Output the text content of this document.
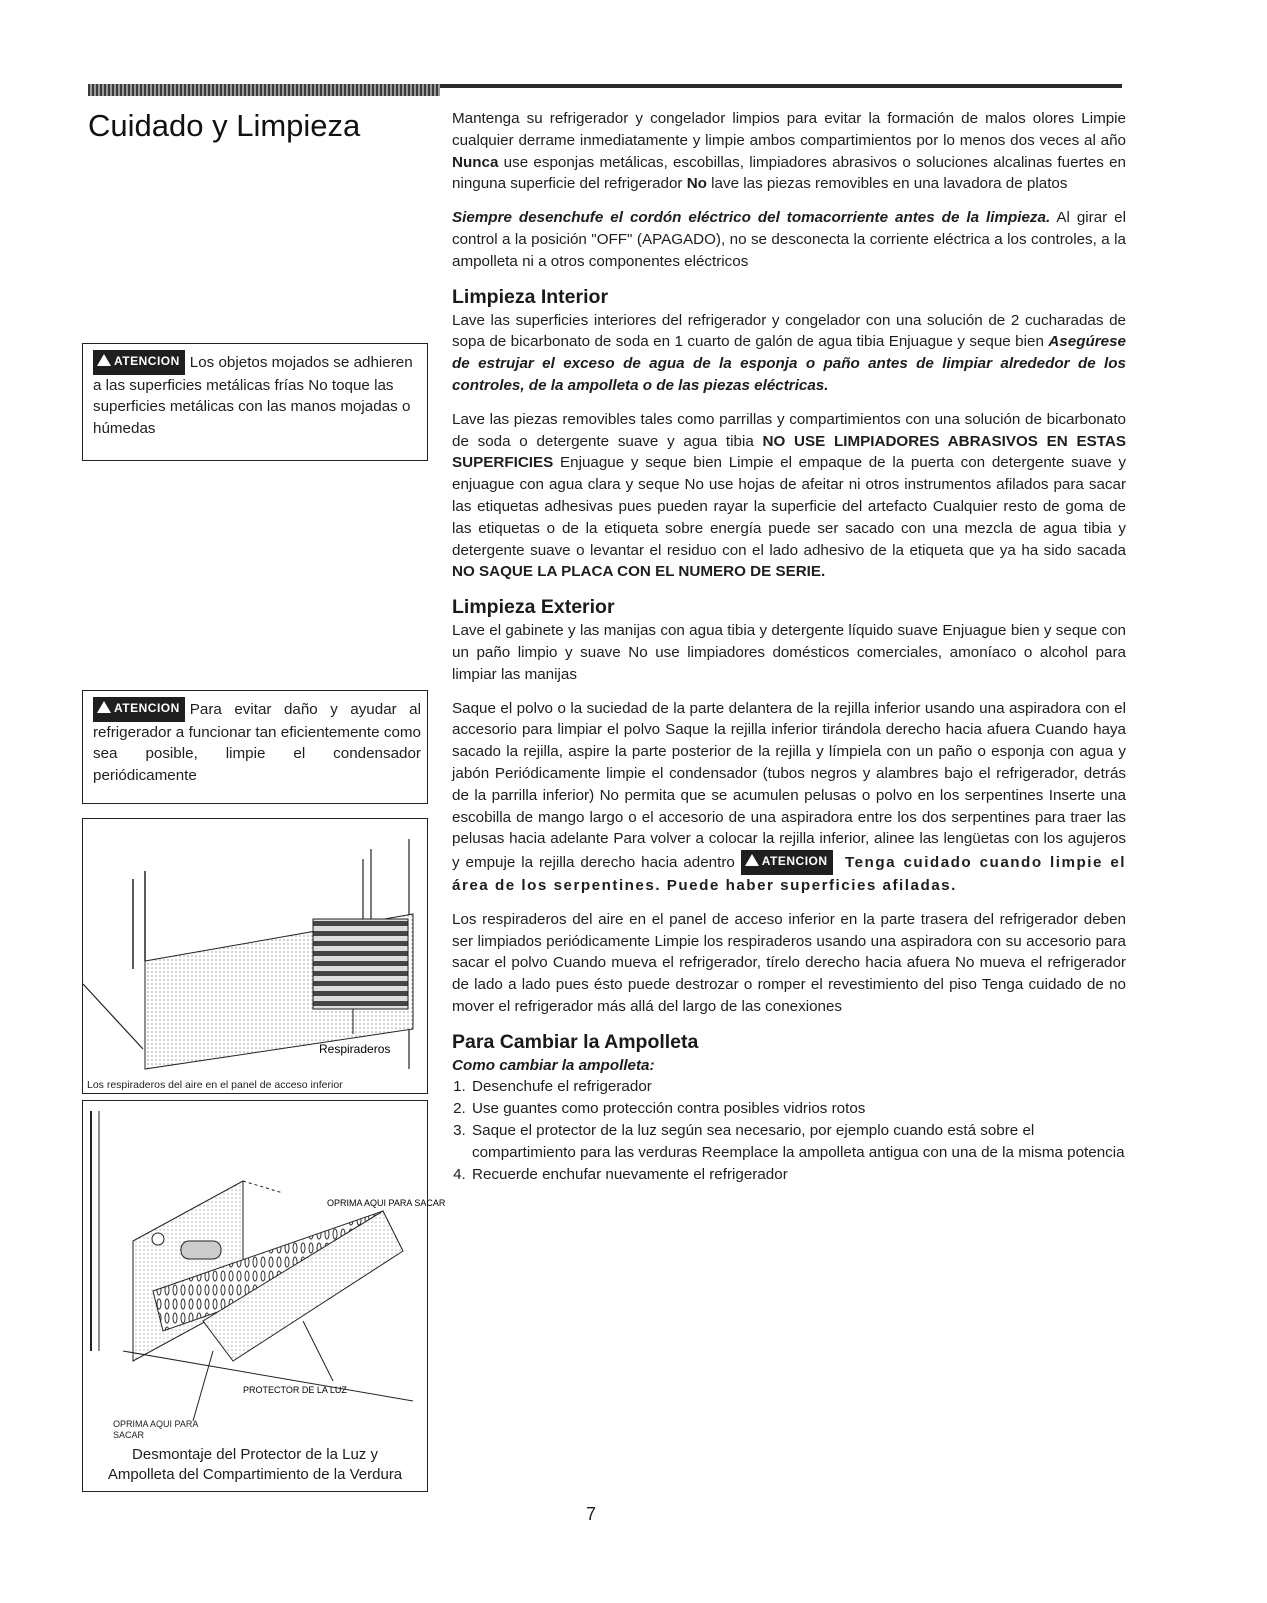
Cuidado y Limpieza
ATENCION Los objetos mojados se adhieren a las superficies metálicas frías No toque las superficies metálicas con las manos mojadas o húmedas
ATENCION Para evitar daño y ayudar al refrigerador a funcionar tan eficientemente como sea posible, limpie el condensador periódicamente
Respiraderos
Los respiraderos del aire en el panel de acceso inferior
OPRIMA AQUI PARA SACAR
PROTECTOR DE LA LUZ
OPRIMA AQUI PARA SACAR
Desmontaje del Protector de la Luz y
Ampolleta del Compartimiento de la Verdura

Mantenga su refrigerador y congelador limpios para evitar la formación de malos olores Limpie cualquier derrame inmediatamente y limpie ambos compartimientos por lo menos dos veces al año Nunca use esponjas metálicas, escobillas, limpiadores abrasivos o soluciones alcalinas fuertes en ninguna superficie del refrigerador No lave las piezas removibles en una lavadora de platos

Siempre desenchufe el cordón eléctrico del tomacorriente antes de la limpieza. Al girar el control a la posición "OFF" (APAGADO), no se desconecta la corriente eléctrica a los controles, a la ampolleta ni a otros componentes eléctricos

Limpieza Interior

Lave las superficies interiores del refrigerador y congelador con una solución de 2 cucharadas de sopa de bicarbonato de soda en 1 cuarto de galón de agua tibia Enjuague y seque bien Asegúrese de estrujar el exceso de agua de la esponja o paño antes de limpiar alrededor de los controles, de la ampolleta o de las piezas eléctricas.

Lave las piezas removibles tales como parrillas y compartimientos con una solución de bicarbonato de soda o detergente suave y agua tibia NO USE LIMPIADORES ABRASIVOS EN ESTAS SUPERFICIES Enjuague y seque bien Limpie el empaque de la puerta con detergente suave y enjuague con agua clara y seque No use hojas de afeitar ni otros instrumentos afilados para sacar las etiquetas adhesivas pues pueden rayar la superficie del artefacto Cualquier resto de goma de las etiquetas o de la etiqueta sobre energía puede ser sacado con una mezcla de agua tibia y detergente suave o levantar el residuo con el lado adhesivo de la etiqueta que ya ha sido sacada NO SAQUE LA PLACA CON EL NUMERO DE SERIE.

Limpieza Exterior

Lave el gabinete y las manijas con agua tibia y detergente líquido suave Enjuague bien y seque con un paño limpio y suave No use limpiadores domésticos comerciales, amoníaco o alcohol para limpiar las manijas

Saque el polvo o la suciedad de la parte delantera de la rejilla inferior usando una aspiradora con el accesorio para limpiar el polvo Saque la rejilla inferior tirándola derecho hacia afuera Cuando haya sacado la rejilla, aspire la parte posterior de la rejilla y límpiela con un paño o esponja con agua y jabón Periódicamente limpie el condensador (tubos negros y alambres bajo el refrigerador, detrás de la parrilla inferior) No permita que se acumulen pelusas o polvo en los serpentines Inserte una escobilla de mango largo o el accesorio de una aspiradora entre los dos serpentines para traer las pelusas hacia adelante Para volver a colocar la rejilla inferior, alinee las lengüetas con los agujeros y empuje la rejilla derecho hacia adentro ATENCION Tenga cuidado cuando limpie el área de los serpentines. Puede haber superficies afiladas.

Los respiraderos del aire en el panel de acceso inferior en la parte trasera del refrigerador deben ser limpiados periódicamente Limpie los respiraderos usando una aspiradora con su accesorio para sacar el polvo Cuando mueva el refrigerador, tírelo derecho hacia afuera No mueva el refrigerador de lado a lado pues ésto puede destrozar o romper el revestimiento del piso Tenga cuidado de no mover el refrigerador más allá del largo de las conexiones

Para Cambiar la Ampolleta

Como cambiar la ampolleta:

1. Desenchufe el refrigerador
2. Use guantes como protección contra posibles vidrios rotos
3. Saque el protector de la luz según sea necesario, por ejemplo cuando está sobre el compartimiento para las verduras Reemplace la ampolleta antigua con una de la misma potencia
4. Recuerde enchufar nuevamente el refrigerador
7
